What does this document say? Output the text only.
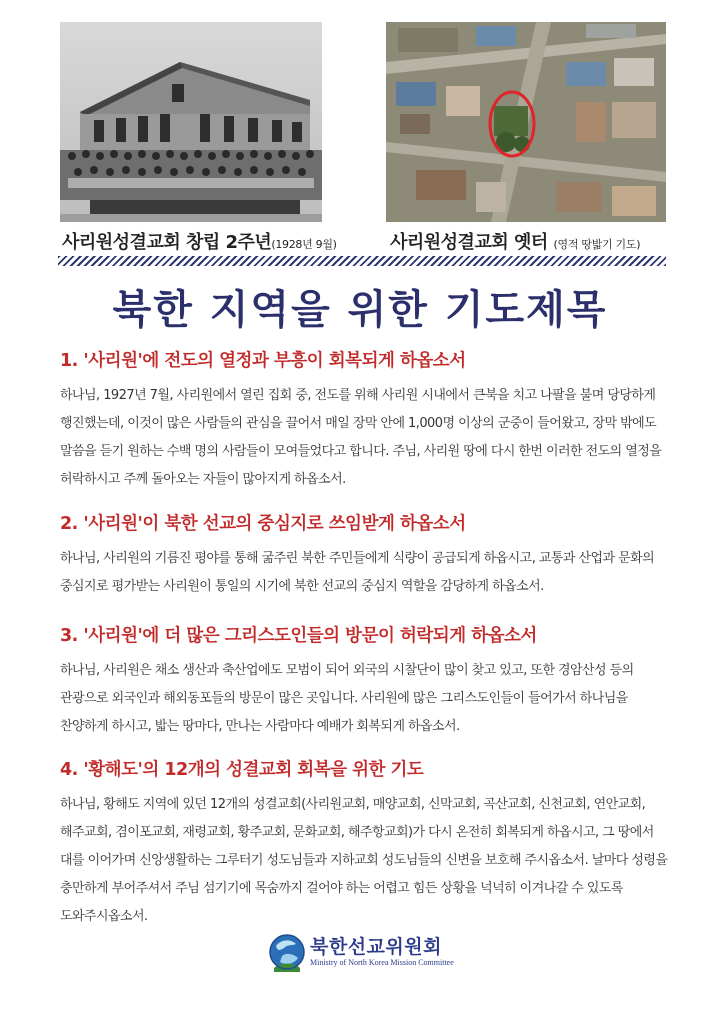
사리원성결교회 창립 2주년(1928년 9월)	사리원성결교회 옛터 (영적 땅밟기 기도)
북한 지역을 위한 기도제목
1. '사리원'에 전도의 열정과 부흥이 회복되게 하옵소서

하나님, 1927년 7월, 사리원에서 열린 집회 중, 전도를 위해 사리원 시내에서 큰북을 치고 나팔을 불며 당당하게 행진했는데, 이것이 많은 사람들의 관심을 끌어서 매일 장막 안에 1,000명 이상의 군중이 들어왔고, 장막 밖에도 말씀을 듣기 원하는 수백 명의 사람들이 모여들었다고 합니다. 주님, 사리원 땅에 다시 한번 이러한 전도의 열정을 허락하시고 주께 돌아오는 자들이 많아지게 하옵소서.

2. '사리원'이 북한 선교의 중심지로 쓰임받게 하옵소서

하나님, 사리원의 기름진 평야를 통해 굶주린 북한 주민들에게 식량이 공급되게 하옵시고, 교통과 산업과 문화의 중심지로 평가받는 사리원이 통일의 시기에 북한 선교의 중심지 역할을 감당하게 하옵소서.

3. '사리원'에 더 많은 그리스도인들의 방문이 허락되게 하옵소서

하나님, 사리원은 채소 생산과 축산업에도 모범이 되어 외국의 시찰단이 많이 찾고 있고, 또한 경암산성 등의 관광으로 외국인과 해외동포들의 방문이 많은 곳입니다. 사리원에 많은 그리스도인들이 들어가서 하나님을 찬양하게 하시고, 밟는 땅마다, 만나는 사람마다 예배가 회복되게 하옵소서.

4. '황해도'의 12개의 성결교회 회복을 위한 기도

하나님, 황해도 지역에 있던 12개의 성결교회(사리원교회, 매양교회, 신막교회, 곡산교회, 신천교회, 연안교회, 해주교회, 겸이포교회, 재령교회, 황주교회, 문화교회, 해주항교회)가 다시 온전히 회복되게 하옵시고, 그 땅에서 대를 이어가며 신앙생활하는 그루터기 성도님들과 지하교회 성도님들의 신변을 보호해 주시옵소서. 날마다 성령을 충만하게 부어주셔서 주님 섬기기에 목숨까지 걸어야 하는 어렵고 힘든 상황을 넉넉히 이겨나갈 수 있도록 도와주시옵소서.

북한선교위원회
Ministry of North Korea Mission Committee
